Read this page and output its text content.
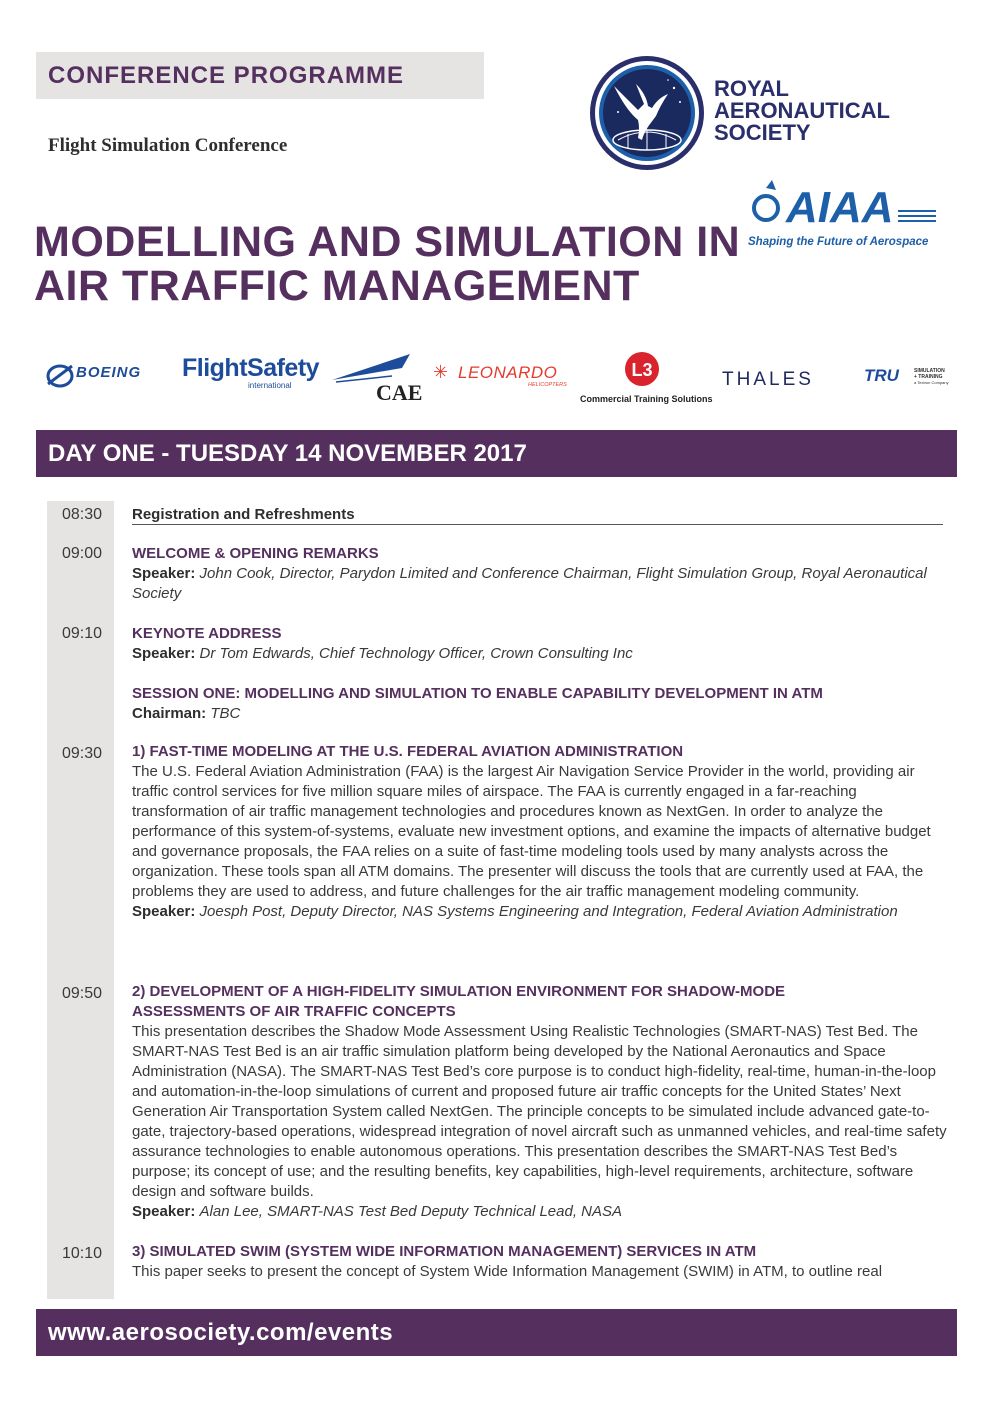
CONFERENCE PROGRAMME
Flight Simulation Conference
MODELLING AND SIMULATION IN
AIR TRAFFIC MANAGEMENT
ROYAL
AERONAUTICAL
SOCIETY
AIAA
Shaping the Future of Aerospace
BOEING FlightSafety
international	CAE
✳ LEONARDO
HELICOPTERS
L3
Commercial Training Solutions
THALES	TRU	SIMULATION
+ TRAINING
a Textron Company
DAY ONE - TUESDAY 14 NOVEMBER 2017
08:30	Registration and Refreshments
09:00	WELCOME & OPENING REMARKS
Speaker: John Cook, Director, Parydon Limited and Conference Chairman, Flight Simulation Group, Royal Aeronautical Society
09:10	KEYNOTE ADDRESS
Speaker: Dr Tom Edwards, Chief Technology Officer, Crown Consulting Inc
SESSION ONE: MODELLING AND SIMULATION TO ENABLE CAPABILITY DEVELOPMENT IN ATM
Chairman: TBC
09:30	1) FAST-TIME MODELING AT THE U.S. FEDERAL AVIATION ADMINISTRATION
The U.S. Federal Aviation Administration (FAA) is the largest Air Navigation Service Provider in the world, providing air traffic control services for five million square miles of airspace. The FAA is currently engaged in a far-reaching transformation of air traffic management technologies and procedures known as NextGen. In order to analyze the performance of this system-of-systems, evaluate new investment options, and examine the impacts of alternative budget and governance proposals, the FAA relies on a suite of fast-time modeling tools used by many analysts across the organization. These tools span all ATM domains. The presenter will discuss the tools that are currently used at FAA, the problems they are used to address, and future challenges for the air traffic management modeling community.
Speaker: Joesph Post, Deputy Director, NAS Systems Engineering and Integration, Federal Aviation Administration
09:50	2) DEVELOPMENT OF A HIGH-FIDELITY SIMULATION ENVIRONMENT FOR SHADOW-MODE ASSESSMENTS OF AIR TRAFFIC CONCEPTS
This presentation describes the Shadow Mode Assessment Using Realistic Technologies (SMART-NAS) Test Bed. The SMART-NAS Test Bed is an air traffic simulation platform being developed by the National Aeronautics and Space Administration (NASA). The SMART-NAS Test Bed’s core purpose is to conduct high-fidelity, real-time, human-in-the-loop and automation-in-the-loop simulations of current and proposed future air traffic concepts for the United States’ Next Generation Air Transportation System called NextGen. The principle concepts to be simulated include advanced gate-to-gate, trajectory-based operations, widespread integration of novel aircraft such as unmanned vehicles, and real-time safety assurance technologies to enable autonomous operations. This presentation describes the SMART-NAS Test Bed’s purpose; its concept of use; and the resulting benefits, key capabilities, high-level requirements, architecture, software design and software builds.
Speaker: Alan Lee, SMART-NAS Test Bed Deputy Technical Lead, NASA
10:10	3) SIMULATED SWIM (SYSTEM WIDE INFORMATION MANAGEMENT) SERVICES IN ATM
This paper seeks to present the concept of System Wide Information Management (SWIM) in ATM, to outline real
www.aerosociety.com/events
